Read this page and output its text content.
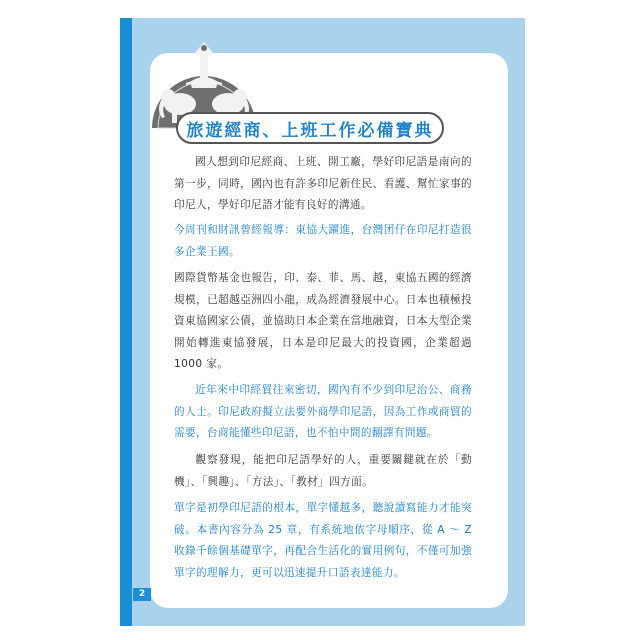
旅遊經商、上班工作必備寶典

國人想到印尼經商、上班、開工廠，學好印尼語是南向的第一步，同時，國內也有許多印尼新住民、看護、幫忙家事的印尼人，學好印尼語才能有良好的溝通。

今周刊和財訊曾經報導：東協大躍進，台灣团仔在印尼打造很多企業王國。

國際貨幣基金也報告，印、泰、菲、馬、越，東協五國的經濟規模，已超越亞洲四小龍，成為經濟發展中心。日本也積極投資東協國家公債，並協助日本企業在當地融資，日本大型企業開始轉進東協發展，日本是印尼最大的投資國，企業超過 1000 家。

近年來中印經貿往來密切，國內有不少到印尼治公、商務的人士。印尼政府擬立法要外商學印尼語，因為工作或商貿的需要，台商能懂些印尼語，也不怕中間的翻譯有問題。

觀察發現，能把印尼語學好的人，重要關鍵就在於「動機」、「興趣」、「方法」、「教材」四方面。

單字是初學印尼語的根本，單字懂越多，聽說讀寫能力才能突破。本書內容分為 25 章，有系統地依字母順序，從 A ～ Z 收錄千餘個基礎單字，再配合生活化的實用例句，不僅可加強單字的理解力，更可以迅速提升口語表達能力。

2
